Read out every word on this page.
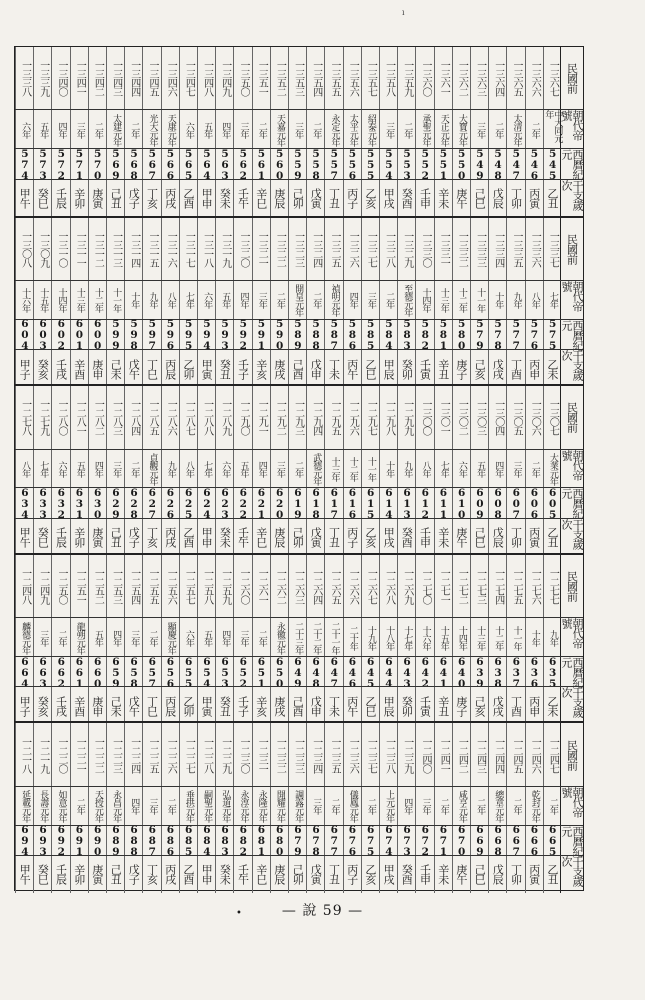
民國前
一三六七
一三六六
一三六五
一三六四
一三六三
一三六二
一三六一
一三六〇
一三五九
一三五八
一三五七
一三五六
一三五五
一三五四
一三五三
一三五二
一三五一
一三五〇
一三四九
一三四八
一三四七
一三四六
一三四五
一三四四
一三四三
一三四二
一三四一
一三四〇
一三三九
一三三八
朝代帝號
中大同元年
二年
太清元年
二年
三年
大寶元年
天正元年
承聖元年
二年
三年
紹泰元年
太平元年
永定元年
二年
三年
天嘉元年
二年
三年
四年
五年
六年
天康元年
光大元年
二年
太建元年
二年
三年
四年
五年
六年
西曆紀元
545
546
547
548
549
550
551
552
553
554
555
556
557
558
559
560
561
562
563
564
565
566
567
568
569
570
571
572
573
574
干支歲次
乙丑
丙寅
丁卯
戊辰
己巳
庚午
辛未
壬申
癸酉
甲戌
乙亥
丙子
丁丑
戊寅
己卯
庚辰
辛巳
壬午
癸未
甲申
乙酉
丙戌
丁亥
戊子
己丑
庚寅
辛卯
壬辰
癸巳
甲午
民國前
一三三七
一三三六
一三三五
一三三四
一三三三
一三三二
一三三一
一三三〇
一三二九
一三二八
一三二七
一三二六
一三二五
一三二四
一三二三
一三二二
一三二一
一三二〇
一三一九
一三一八
一三一七
一三一六
一三一五
一三一四
一三一三
一三一二
一三一一
一三一〇
一三〇九
一三〇八
朝代帝號
七年
八年
九年
十年
十一年
十二年
十三年
十四年
至德元年
二年
三年
四年
禎明元年
二年
開皇元年
二年
三年
四年
五年
六年
七年
八年
九年
十年
十一年
十二年
十三年
十四年
十五年
十六年
西曆紀元
575
576
577
578
579
580
581
582
583
584
585
586
587
588
589
590
591
592
593
594
595
596
597
598
599
600
601
602
603
604
干支歲次
乙未
丙申
丁酉
戊戌
己亥
庚子
辛丑
壬寅
癸卯
甲辰
乙巳
丙午
丁未
戊申
己酉
庚戌
辛亥
壬子
癸丑
甲寅
乙卯
丙辰
丁巳
戊午
己未
庚申
辛酉
壬戌
癸亥
甲子
民國前
一三〇七
一三〇六
一三〇五
一三〇四
一三〇三
一三〇二
一三〇一
一三〇〇
一二九九
一二九八
一二九七
一二九六
一二九五
一二九四
一二九三
一二九二
一二九一
一二九〇
一二八九
一二八八
一二八七
一二八六
一二八五
一二八四
一二八三
一二八二
一二八一
一二八〇
一二七九
一二七八
朝代帝號
大業元年
二年
三年
四年
五年
六年
七年
八年
九年
十年
十一年
十二年
十三年
武德元年
二年
三年
四年
五年
六年
七年
八年
九年
貞觀元年
二年
三年
四年
五年
六年
七年
八年
西曆紀元
605
606
607
608
609
610
611
612
613
614
615
616
617
618
619
620
621
622
623
624
625
626
627
628
629
630
631
632
633
634
干支歲次
乙丑
丙寅
丁卯
戊辰
己巳
庚午
辛未
壬申
癸酉
甲戌
乙亥
丙子
丁丑
戊寅
己卯
庚辰
辛巳
壬午
癸未
甲申
乙酉
丙戌
丁亥
戊子
己丑
庚寅
辛卯
壬辰
癸巳
甲午
民國前
一二七七
一二七六
一二七五
一二七四
一二七三
一二七二
一二七一
一二七〇
一二六九
一二六八
一二六七
一二六六
一二六五
一二六四
一二六三
一二六二
一二六一
一二六〇
一二五九
一二五八
一二五七
一二五六
一二五五
一二五四
一二五三
一二五二
一二五一
一二五〇
一二四九
一二四八
朝代帝號
九年
十年
十一年
十二年
十三年
十四年
十五年
十六年
十七年
十八年
十九年
二十年
二十一年
二十二年
二十三年
永徽元年
二年
三年
四年
五年
六年
顯慶元年
二年
三年
四年
五年
龍朔元年
二年
三年
麟德元年
西曆紀元
635
636
637
638
639
640
641
642
643
644
645
646
647
648
649
650
651
652
653
654
655
656
657
658
659
660
661
662
663
664
干支歲次
乙未
丙申
丁酉
戊戌
己亥
庚子
辛丑
壬寅
癸卯
甲辰
乙巳
丙午
丁未
戊申
己酉
庚戌
辛亥
壬子
癸丑
甲寅
乙卯
丙辰
丁巳
戊午
己未
庚申
辛酉
壬戌
癸亥
甲子
民國前
一二四七
一二四六
一二四五
一二四四
一二四三
一二四二
一二四一
一二四〇
一二三九
一二三八
一二三七
一二三六
一二三五
一二三四
一二三三
一二三二
一二三一
一二三〇
一二二九
一二二八
一二二七
一二二六
一二二五
一二二四
一二二三
一二二二
一二二一
一二二〇
一二一九
一二一八
朝代帝號
二年
乾封元年
二年
總章元年
二年
咸亨元年
二年
三年
四年
上元元年
二年
儀鳳元年
二年
三年
調露元年
開耀元年
永隆元年
永淳元年
弘道元年
嗣聖元年
垂拱元年
二年
三年
四年
永昌元年
天授元年
二年
如意元年
長壽元年
延載元年
西曆紀元
665
666
667
668
669
670
671
672
673
674
675
676
677
678
679
680
681
682
683
684
685
686
687
688
689
690
691
692
693
694
干支歲次
乙丑
丙寅
丁卯
戊辰
己巳
庚午
辛未
壬申
癸酉
甲戌
乙亥
丙子
丁丑
戊寅
己卯
庚辰
辛巳
壬午
癸未
甲申
乙酉
丙戌
丁亥
戊子
己丑
庚寅
辛卯
壬辰
癸巳
甲午
ı
•	— 說 59 —
